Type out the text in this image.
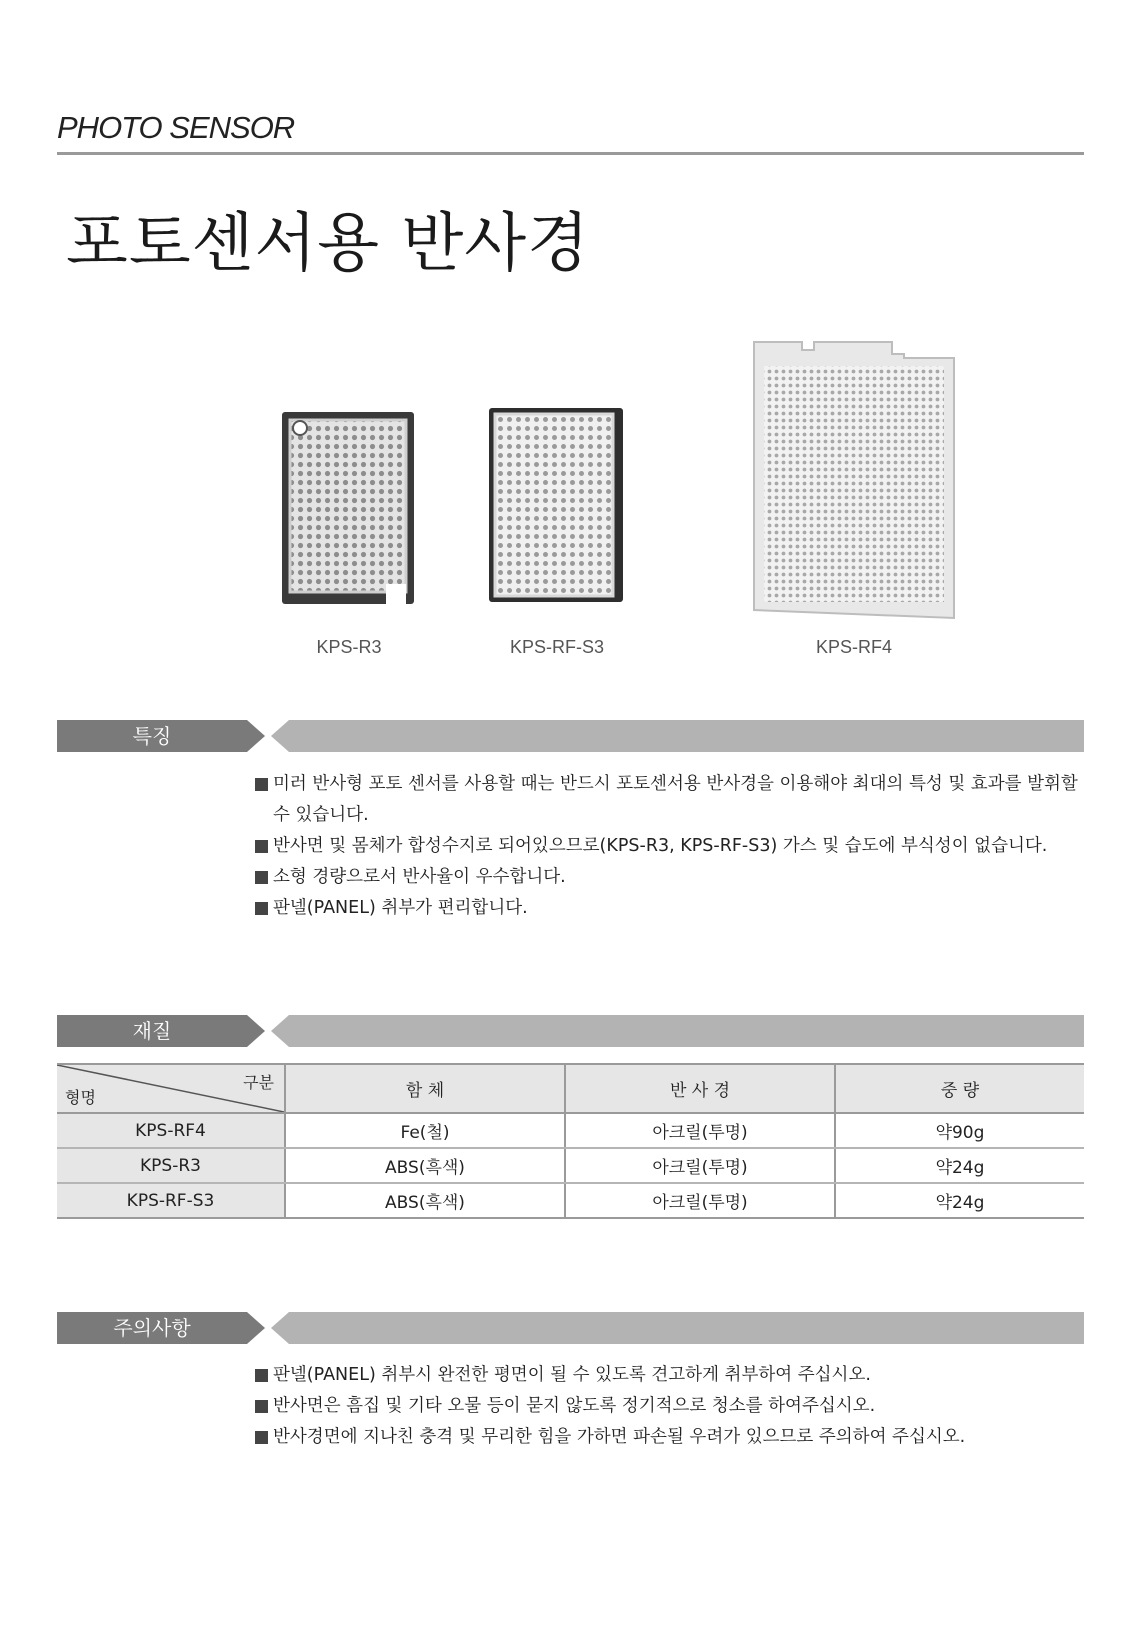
PHOTO SENSOR
포토센서용 반사경
KPS-R3	KPS-RF-S3	KPS-RF4
특징
미러 반사형 포토 센서를 사용할 때는 반드시 포토센서용 반사경을 이용해야 최대의 특성 및 효과를 발휘할 수 있습니다.
반사면 및 몸체가 합성수지로 되어있으므로(KPS-R3, KPS-RF-S3) 가스 및 습도에 부식성이 없습니다.
소형 경량으로서 반사율이 우수합니다.
판넬(PANEL) 취부가 편리합니다.
재질
구분
형명	함 체	반 사 경	중 량
KPS-RF4	Fe(철)	아크릴(투명)	약90g
KPS-R3	ABS(흑색)	아크릴(투명)	약24g
KPS-RF-S3	ABS(흑색)	아크릴(투명)	약24g
주의사항
판넬(PANEL) 취부시 완전한 평면이 될 수 있도록 견고하게 취부하여 주십시오.
반사면은 흠집 및 기타 오물 등이 묻지 않도록 정기적으로 청소를 하여주십시오.
반사경면에 지나친 충격 및 무리한 힘을 가하면 파손될 우려가 있으므로 주의하여 주십시오.
